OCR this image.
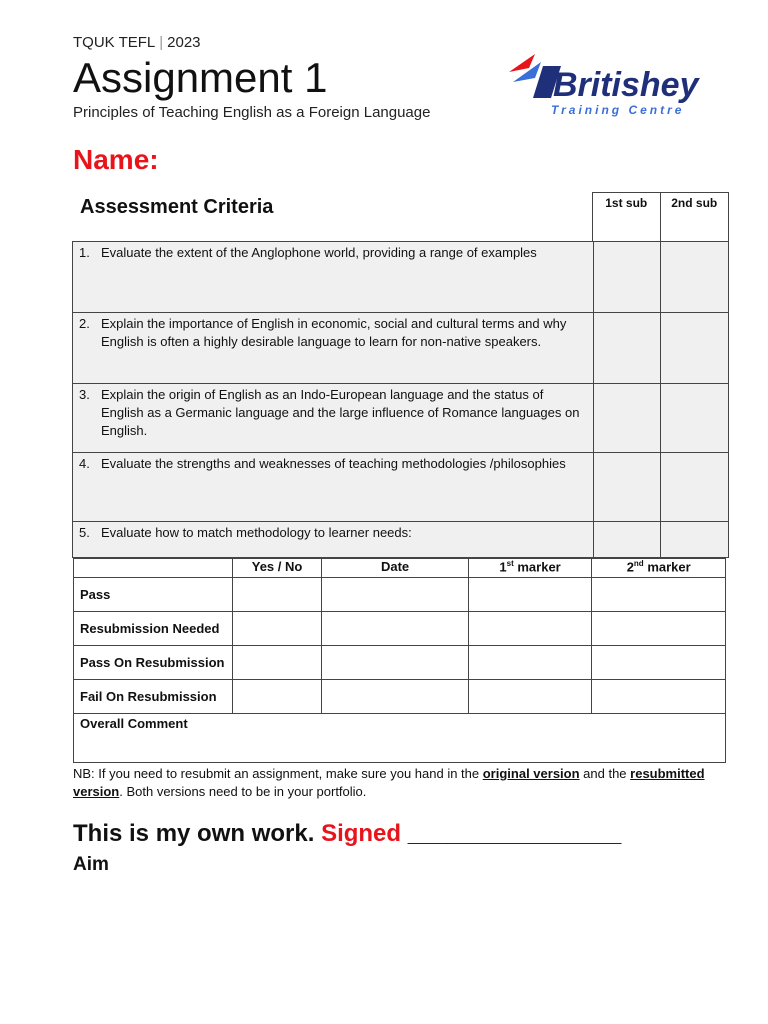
TQUK TEFL | 2023
Assignment 1
Principles of Teaching English as a Foreign Language
Britishey
Training Centre
Name:
1st sub	2nd sub
Assessment Criteria
1. Evaluate the extent of the Anglophone world, providing a range of examples		

2. Explain the importance of English in economic, social and cultural terms and why English is often a highly desirable language to learn for non-native speakers.		

3. Explain the origin of English as an Indo-European language and the status of English as a Germanic language and the large influence of Romance languages on English.		

4. Evaluate the strengths and weaknesses of teaching methodologies /philosophies		

5. Evaluate how to match methodology to learner needs:		

	Yes / No	Date	1st marker	2nd marker
Pass				
Resubmission Needed				
Pass On Resubmission				
Fail On Resubmission				

Overall Comment				
NB: If you need to resubmit an assignment, make sure you hand in the original version and the resubmitted version. Both versions need to be in your portfolio.
This is my own work. Signed ________________
Aim
